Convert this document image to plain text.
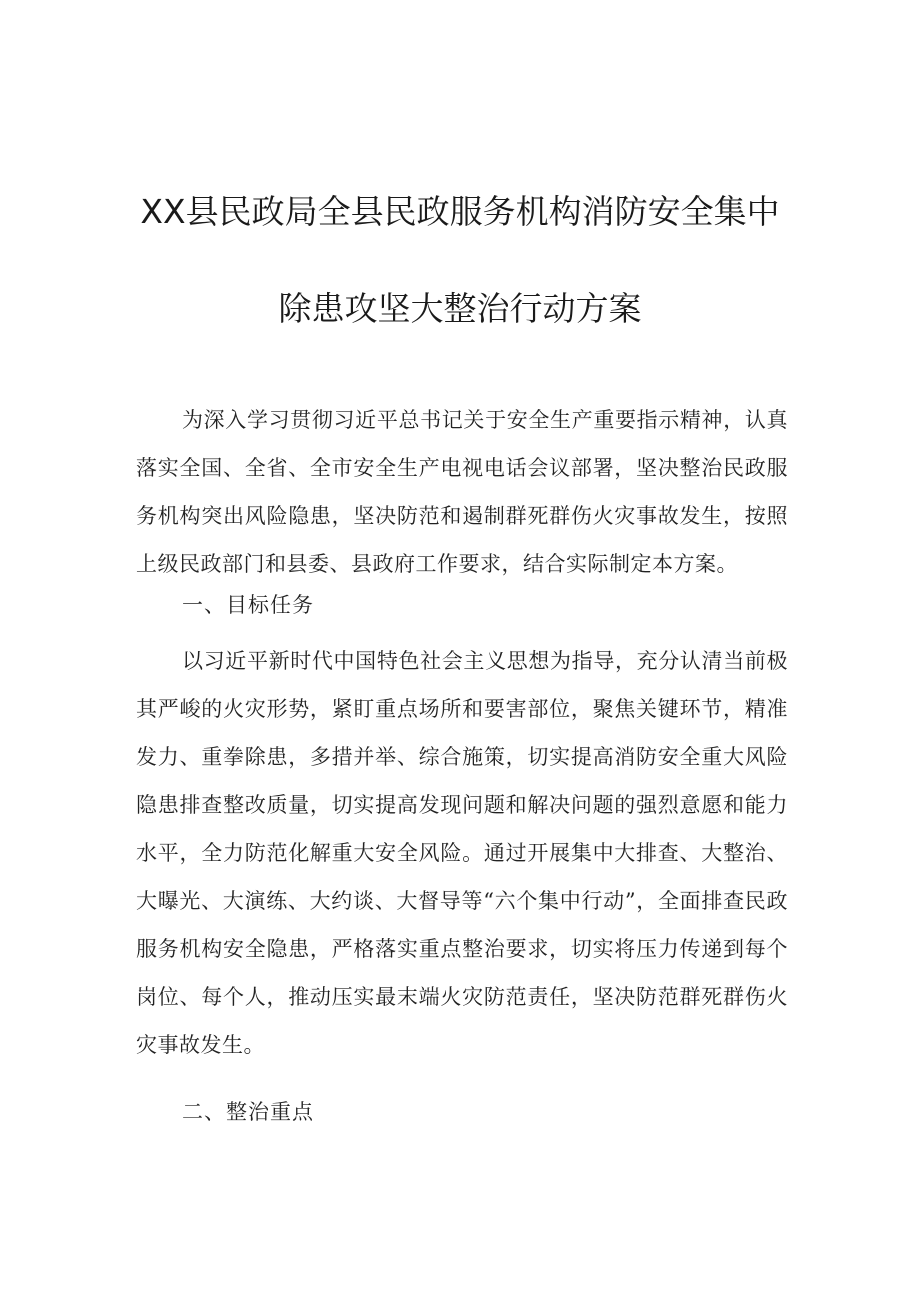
XX县民政局全县民政服务机构消防安全集中
除患攻坚大整治行动方案

为深入学习贯彻习近平总书记关于安全生产重要指示精神，认真落实全国、全省、全市安全生产电视电话会议部署，坚决整治民政服务机构突出风险隐患，坚决防范和遏制群死群伤火灾事故发生，按照上级民政部门和县委、县政府工作要求，结合实际制定本方案。

一、目标任务

以习近平新时代中国特色社会主义思想为指导，充分认清当前极其严峻的火灾形势，紧盯重点场所和要害部位，聚焦关键环节，精准发力、重拳除患，多措并举、综合施策，切实提高消防安全重大风险隐患排查整改质量，切实提高发现问题和解决问题的强烈意愿和能力水平，全力防范化解重大安全风险。通过开展集中大排查、大整治、大曝光、大演练、大约谈、大督导等“六个集中行动”，全面排查民政服务机构安全隐患，严格落实重点整治要求，切实将压力传递到每个岗位、每个人，推动压实最末端火灾防范责任，坚决防范群死群伤火灾事故发生。

二、整治重点
